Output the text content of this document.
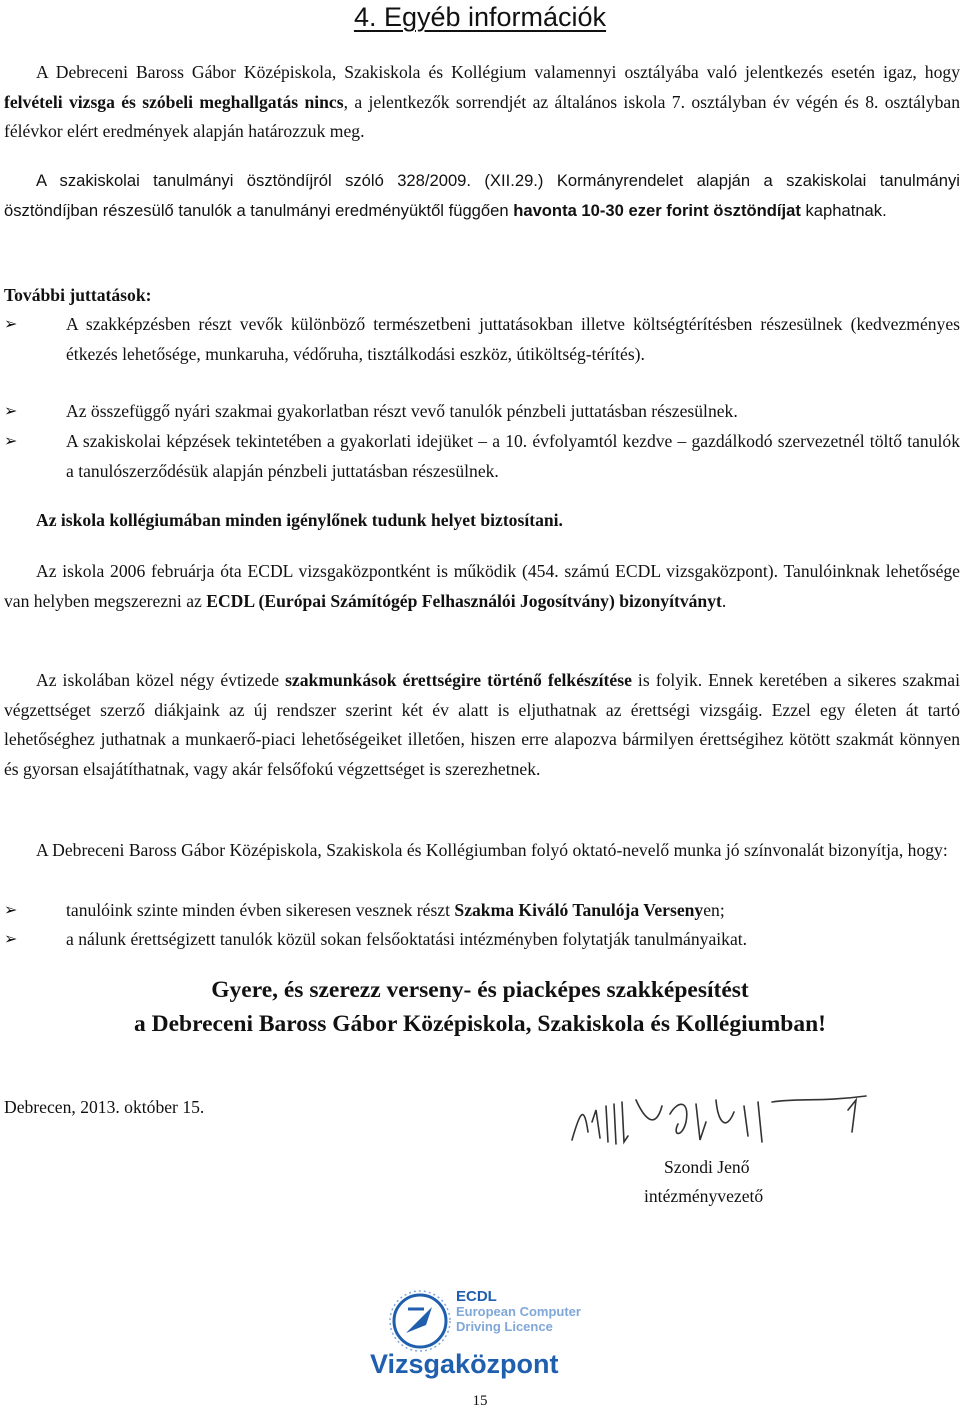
4. Egyéb információk

A Debreceni Baross Gábor Középiskola, Szakiskola és Kollégium valamennyi osztályába való jelentkezés esetén igaz, hogy felvételi vizsga és szóbeli meghallgatás nincs, a jelentkezők sorrendjét az általános iskola 7. osztályban év végén és 8. osztályban félévkor elért eredmények alapján határozzuk meg.

A szakiskolai tanulmányi ösztöndíjról szóló 328/2009. (XII.29.) Kormányrendelet alapján a szakiskolai tanulmányi ösztöndíjban részesülő tanulók a tanulmányi eredményüktől függően havonta 10-30 ezer forint ösztöndíjat kaphatnak.

További juttatások:

➢	A szakképzésben részt vevők különböző természetbeni juttatásokban illetve költségtérítésben részesülnek (kedvezményes étkezés lehetősége, munkaruha, védőruha, tisztálkodási eszköz, útiköltség-térítés).
➢	Az összefüggő nyári szakmai gyakorlatban részt vevő tanulók pénzbeli juttatásban részesülnek.
➢	A szakiskolai képzések tekintetében a gyakorlati idejüket – a 10. évfolyamtól kezdve – gazdálkodó szervezetnél töltő tanulók a tanulószerződésük alapján pénzbeli juttatásban részesülnek.

Az iskola kollégiumában minden igénylőnek tudunk helyet biztosítani.

Az iskola 2006 februárja óta ECDL vizsgaközpontként is működik (454. számú ECDL vizsgaközpont). Tanulóinknak lehetősége van helyben megszerezni az ECDL (Európai Számítógép Felhasználói Jogosítvány) bizonyítványt.

Az iskolában közel négy évtizede szakmunkások érettségire történő felkészítése is folyik. Ennek keretében a sikeres szakmai végzettséget szerző diákjaink az új rendszer szerint két év alatt is eljuthatnak az érettségi vizsgáig. Ezzel egy életen át tartó lehetőséghez juthatnak a munkaerő-piaci lehetőségeiket illetően, hiszen erre alapozva bármilyen érettségihez kötött szakmát könnyen és gyorsan elsajátíthatnak, vagy akár felsőfokú végzettséget is szerezhetnek.

A Debreceni Baross Gábor Középiskola, Szakiskola és Kollégiumban folyó oktató-nevelő munka jó színvonalát bizonyítja, hogy:

➢	tanulóink szinte minden évben sikeresen vesznek részt Szakma Kiváló Tanulója Versenyen;
➢	a nálunk érettségizett tanulók közül sokan felsőoktatási intézményben folytatják tanulmányaikat.

Gyere, és szerezz verseny- és piacképes szakképesítést

a Debreceni Baross Gábor Középiskola, Szakiskola és Kollégiumban!

Debrecen, 2013. október 15.

Szondi Jenő

intézményvezető

ECDL
European Computer
Driving Licence
Vizsgaközpont
15
